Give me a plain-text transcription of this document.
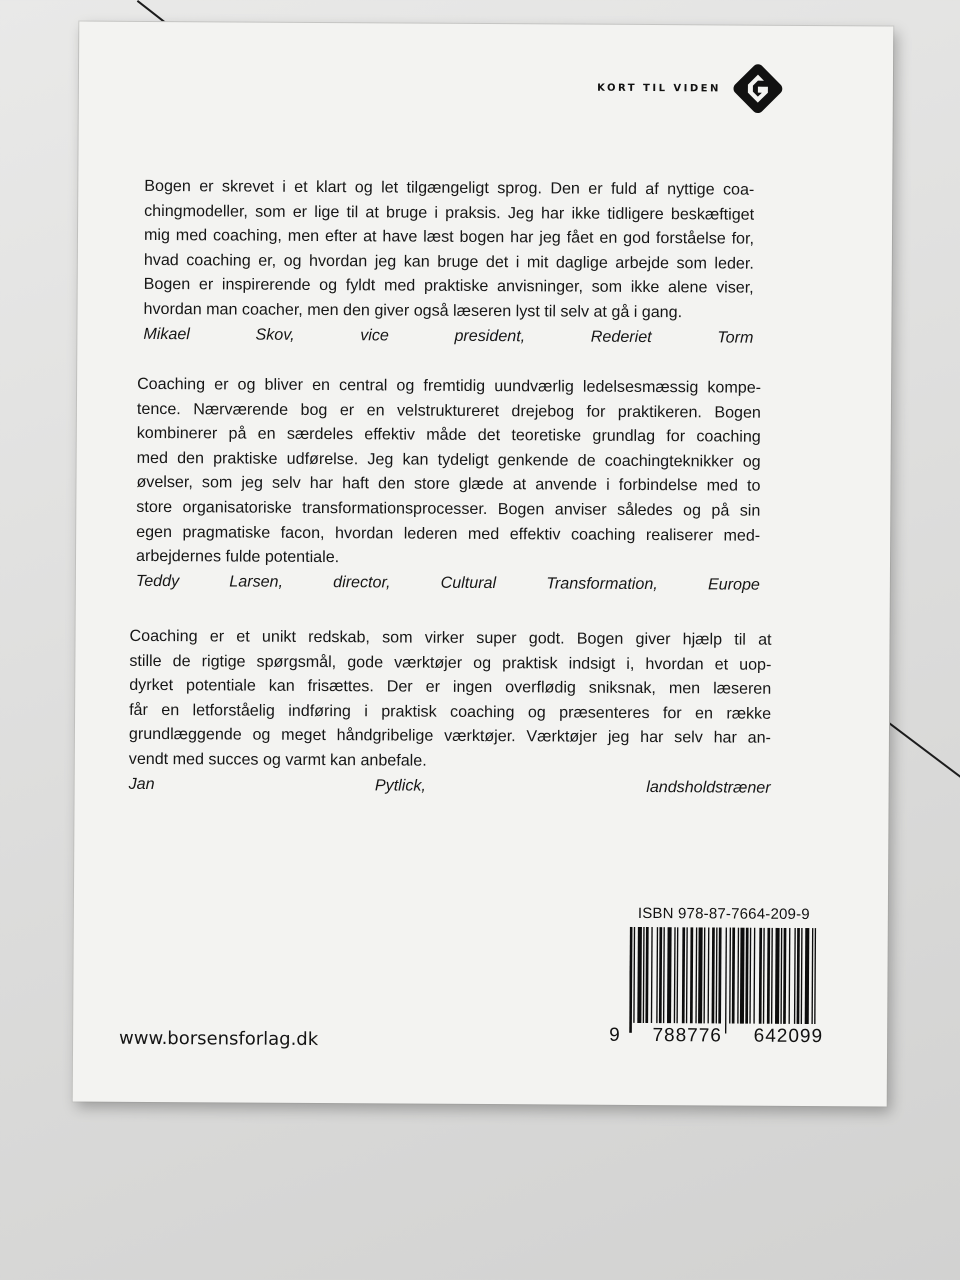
KORT TIL VIDEN

Bogen er skrevet i et klart og let tilgængeligt sprog. Den er fuld af nyttige coa-

chingmodeller, som er lige til at bruge i praksis. Jeg har ikke tidligere beskæftiget

mig med coaching, men efter at have læst bogen har jeg fået en god forståelse for,

hvad coaching er, og hvordan jeg kan bruge det i mit daglige arbejde som leder.

Bogen er inspirerende og fyldt med praktiske anvisninger, som ikke alene viser,

hvordan man coacher, men den giver også læseren lyst til selv at gå i gang.

Mikael Skov, vice president, Rederiet Torm

Coaching er og bliver en central og fremtidig uundværlig ledelsesmæssig kompe-

tence. Nærværende bog er en velstruktureret drejebog for praktikeren. Bogen

kombinerer på en særdeles effektiv måde det teoretiske grundlag for coaching

med den praktiske udførelse. Jeg kan tydeligt genkende de coachingteknikker og

øvelser, som jeg selv har haft den store glæde at anvende i forbindelse med to

store organisatoriske transformationsprocesser. Bogen anviser således og på sin

egen pragmatiske facon, hvordan lederen med effektiv coaching realiserer med-

arbejdernes fulde potentiale.

Teddy Larsen, director, Cultural Transformation, Europe

Coaching er et unikt redskab, som virker super godt. Bogen giver hjælp til at

stille de rigtige spørgsmål, gode værktøjer og praktisk indsigt i, hvordan et uop-

dyrket potentiale kan frisættes. Der er ingen overflødig sniksnak, men læseren

får en letforståelig indføring i praktisk coaching og præsenteres for en række

grundlæggende og meget håndgribelige værktøjer. Værktøjer jeg har selv har an-

vendt med succes og varmt kan anbefale.

Jan Pytlick, landsholdstræner

ISBN 978-87-7664-209-9
9 788776 642099
www.borsensforlag.dk
